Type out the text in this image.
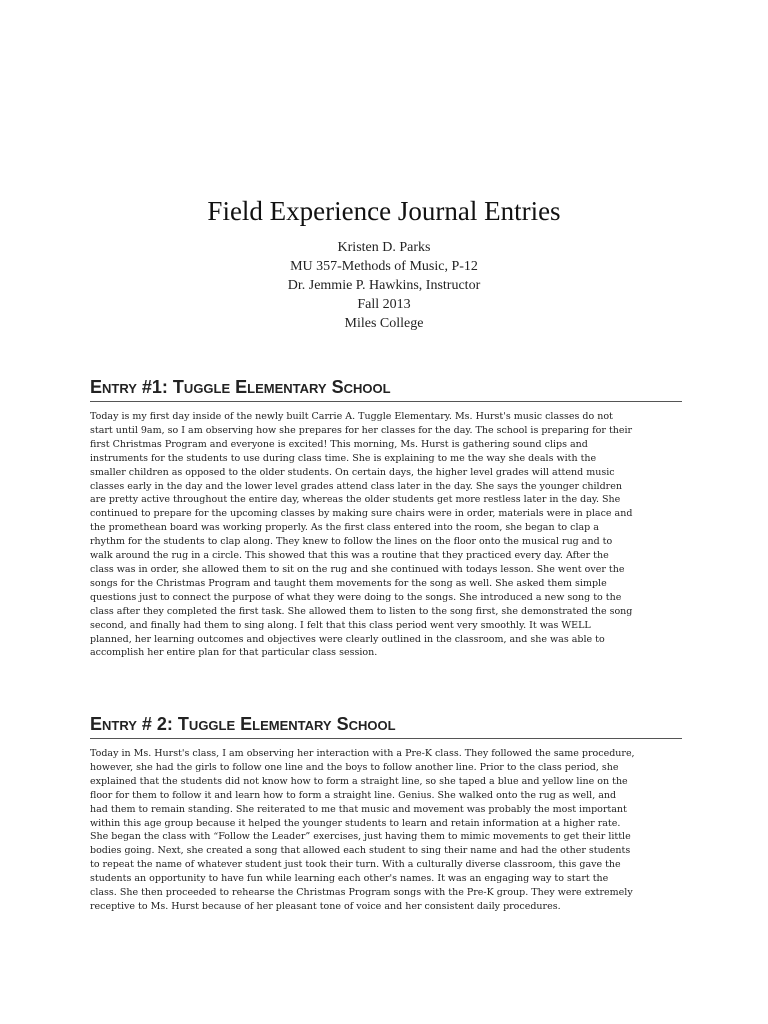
Field Experience Journal Entries
Kristen D. Parks
MU 357-Methods of Music, P-12
Dr. Jemmie P. Hawkins, Instructor
Fall 2013
Miles College
Entry #1: Tuggle Elementary School
Today is my first day inside of the newly built Carrie A. Tuggle Elementary. Ms. Hurst's music classes do not
start until 9am, so I am observing how she prepares for her classes for the day. The school is preparing for their
first Christmas Program and everyone is excited! This morning, Ms. Hurst is gathering sound clips and
instruments for the students to use during class time. She is explaining to me the way she deals with the
smaller children as opposed to the older students. On certain days, the higher level grades will attend music
classes early in the day and the lower level grades attend class later in the day. She says the younger children
are pretty active throughout the entire day, whereas the older students get more restless later in the day. She
continued to prepare for the upcoming classes by making sure chairs were in order, materials were in place and
the promethean board was working properly. As the first class entered into the room, she began to clap a
rhythm for the students to clap along. They knew to follow the lines on the floor onto the musical rug and to
walk around the rug in a circle. This showed that this was a routine that they practiced every day. After the
class was in order, she allowed them to sit on the rug and she continued with todays lesson. She went over the
songs for the Christmas Program and taught them movements for the song as well. She asked them simple
questions just to connect the purpose of what they were doing to the songs. She introduced a new song to the
class after they completed the first task. She allowed them to listen to the song first, she demonstrated the song
second, and finally had them to sing along. I felt that this class period went very smoothly. It was WELL
planned, her learning outcomes and objectives were clearly outlined in the classroom, and she was able to
accomplish her entire plan for that particular class session.
Entry # 2: Tuggle Elementary School
Today in Ms. Hurst's class, I am observing her interaction with a Pre-K class. They followed the same procedure,
however, she had the girls to follow one line and the boys to follow another line. Prior to the class period, she
explained that the students did not know how to form a straight line, so she taped a blue and yellow line on the
floor for them to follow it and learn how to form a straight line. Genius. She walked onto the rug as well, and
had them to remain standing. She reiterated to me that music and movement was probably the most important
within this age group because it helped the younger students to learn and retain information at a higher rate.
She began the class with “Follow the Leader” exercises, just having them to mimic movements to get their little
bodies going. Next, she created a song that allowed each student to sing their name and had the other students
to repeat the name of whatever student just took their turn. With a culturally diverse classroom, this gave the
students an opportunity to have fun while learning each other's names. It was an engaging way to start the
class. She then proceeded to rehearse the Christmas Program songs with the Pre-K group. They were extremely
receptive to Ms. Hurst because of her pleasant tone of voice and her consistent daily procedures.
